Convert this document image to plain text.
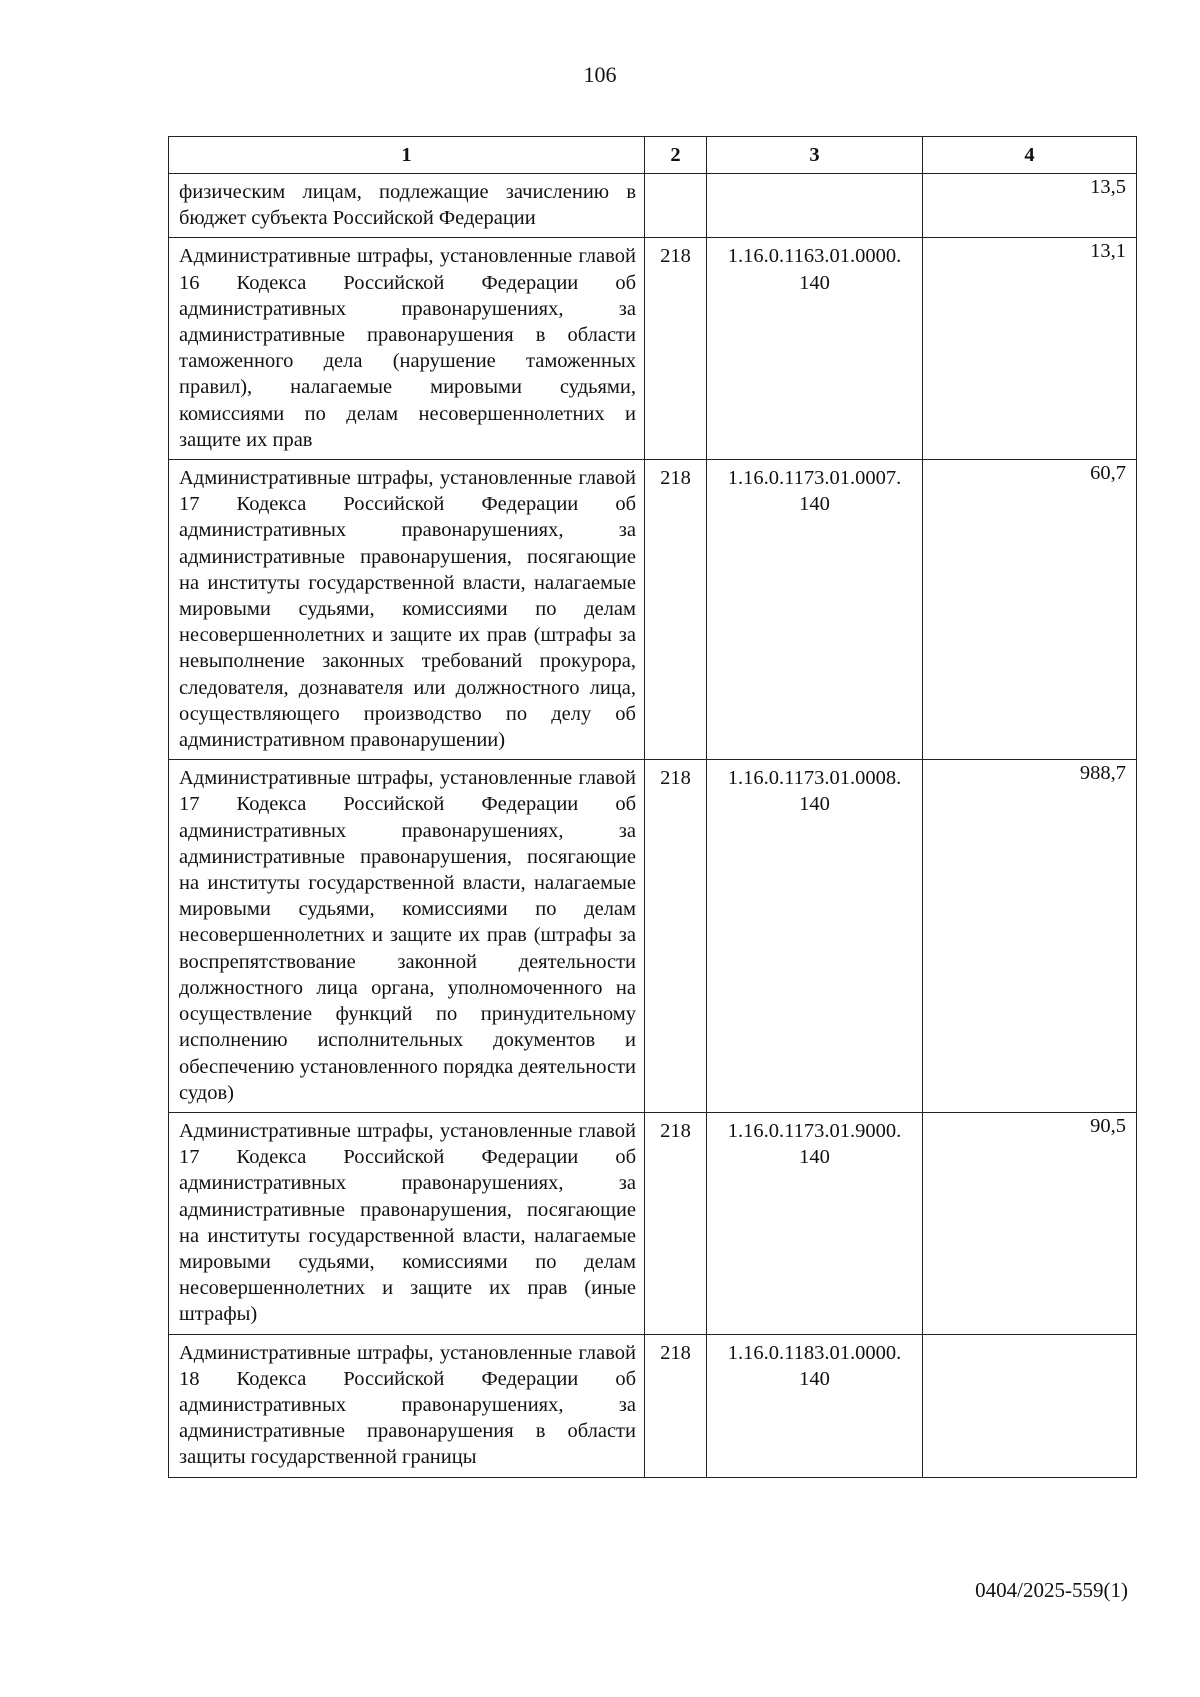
106
1	2	3	4
физическим лицам, подлежащие зачислению в бюджет субъекта Российской Федерации			13,5
Административные штрафы, установленные главой 16 Кодекса Российской Федерации об административных правонарушениях, за административные правонарушения в области таможенного дела (нарушение таможенных правил), налагаемые мировыми судьями, комиссиями по делам несовершеннолетних и защите их прав	218	1.16.0.1163.01.0000. 140	13,1
Административные штрафы, установленные главой 17 Кодекса Российской Федерации об административных правонарушениях, за административные правонарушения, посягающие на институты государственной власти, налагаемые мировыми судьями, комиссиями по делам несовершеннолетних и защите их прав (штрафы за невыполнение законных требований прокурора, следователя, дознавателя или должностного лица, осуществляющего производство по делу об административном правонарушении)	218	1.16.0.1173.01.0007. 140	60,7
Административные штрафы, установленные главой 17 Кодекса Российской Федерации об административных правонарушениях, за административные правонарушения, посягающие на институты государственной власти, налагаемые мировыми судьями, комиссиями по делам несовершеннолетних и защите их прав (штрафы за воспрепятствование законной деятельности должностного лица органа, уполномоченного на осуществление функций по принудительному исполнению исполнительных документов и обеспечению установленного порядка деятельности судов)	218	1.16.0.1173.01.0008. 140	988,7
Административные штрафы, установленные главой 17 Кодекса Российской Федерации об административных правонарушениях, за административные правонарушения, посягающие на институты государственной власти, налагаемые мировыми судьями, комиссиями по делам несовершеннолетних и защите их прав (иные штрафы)	218	1.16.0.1173.01.9000. 140	90,5
Административные штрафы, установленные главой 18 Кодекса Российской Федерации об административных правонарушениях, за административные правонарушения в области защиты государственной границы	218	1.16.0.1183.01.0000. 140	
0404/2025-559(1)
